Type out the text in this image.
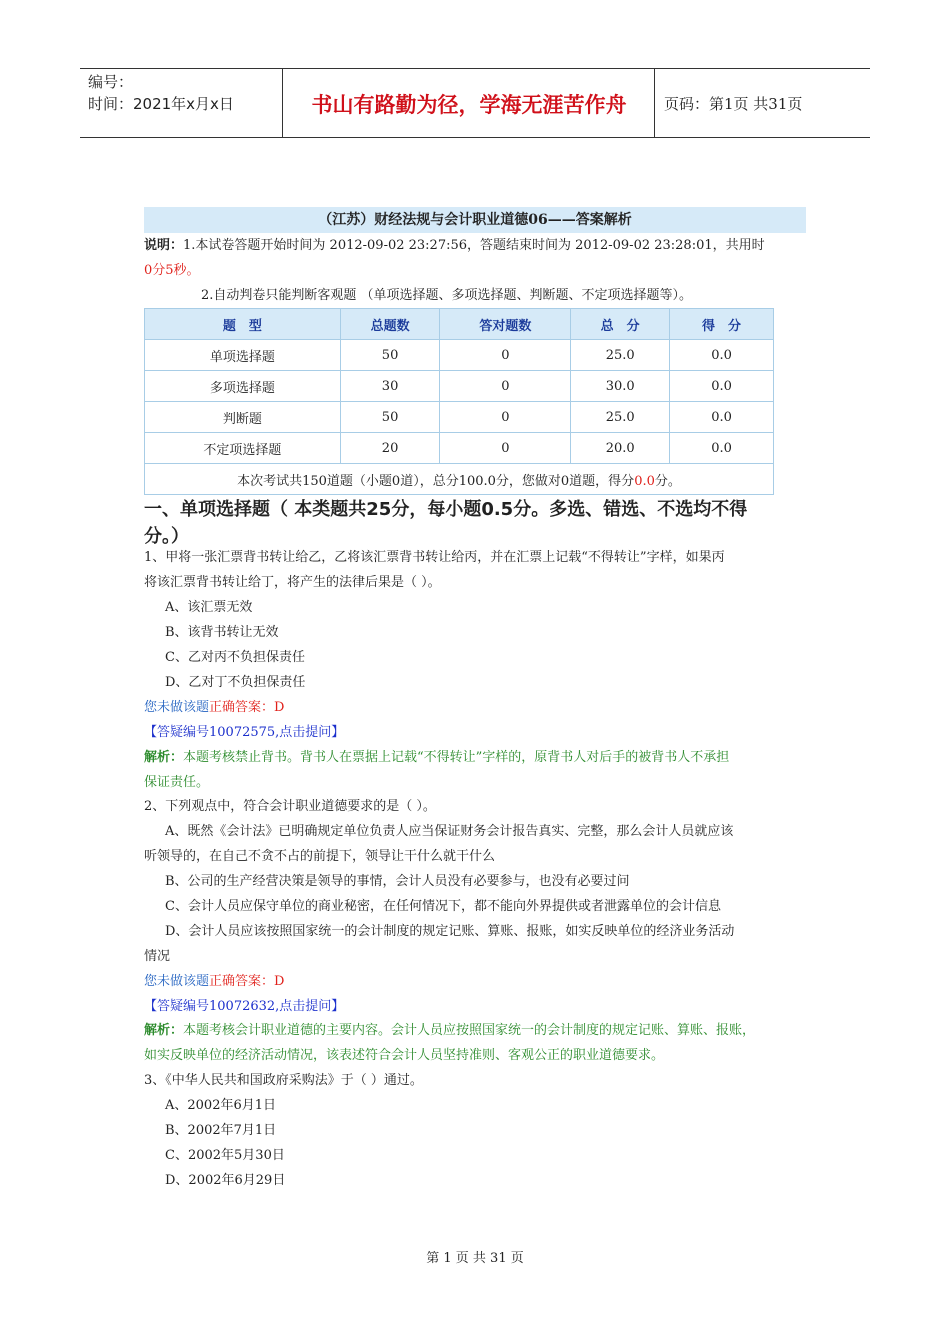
编号：
时间：2021年x月x日	书山有路勤为径，学海无涯苦作舟	页码：第1页 共31页
（江苏）财经法规与会计职业道德06——答案解析
说明：1.本试卷答题开始时间为 2012-09-02 23:27:56，答题结束时间为 2012-09-02 23:28:01，共用时
0分5秒。
2.自动判卷只能判断客观题 （单项选择题、多项选择题、判断题、不定项选择题等）。
题　型	总题数	答对题数	总　分	得　分
单项选择题	50	0	25.0	0.0
多项选择题	30	0	30.0	0.0
判断题	50	0	25.0	0.0
不定项选择题	20	0	20.0	0.0
本次考试共150道题（小题0道），总分100.0分，您做对0道题，得分0.0分。				
一、单项选择题（ 本类题共25分，每小题0.5分。多选、错选、不选均不得
分。）
1、甲将一张汇票背书转让给乙，乙将该汇票背书转让给丙，并在汇票上记载“不得转让”字样，如果丙
将该汇票背书转让给丁，将产生的法律后果是（ ）。
A、该汇票无效
B、该背书转让无效
C、乙对丙不负担保责任
D、乙对丁不负担保责任
您未做该题正确答案：D
【答疑编号10072575,点击提问】
解析：本题考核禁止背书。背书人在票据上记载“不得转让”字样的，原背书人对后手的被背书人不承担
保证责任。
2、下列观点中，符合会计职业道德要求的是（ ）。
A、既然《会计法》已明确规定单位负责人应当保证财务会计报告真实、完整，那么会计人员就应该
听领导的，在自己不贪不占的前提下，领导让干什么就干什么
B、公司的生产经营决策是领导的事情，会计人员没有必要参与，也没有必要过问
C、会计人员应保守单位的商业秘密，在任何情况下，都不能向外界提供或者泄露单位的会计信息
D、会计人员应该按照国家统一的会计制度的规定记账、算账、报账，如实反映单位的经济业务活动
情况
您未做该题正确答案：D
【答疑编号10072632,点击提问】
解析：本题考核会计职业道德的主要内容。会计人员应按照国家统一的会计制度的规定记账、算账、报账，
如实反映单位的经济活动情况，该表述符合会计人员坚持准则、客观公正的职业道德要求。
3、《中华人民共和国政府采购法》于（ ）通过。
A、2002年6月1日
B、2002年7月1日
C、2002年5月30日
D、2002年6月29日
第 1 页 共 31 页
